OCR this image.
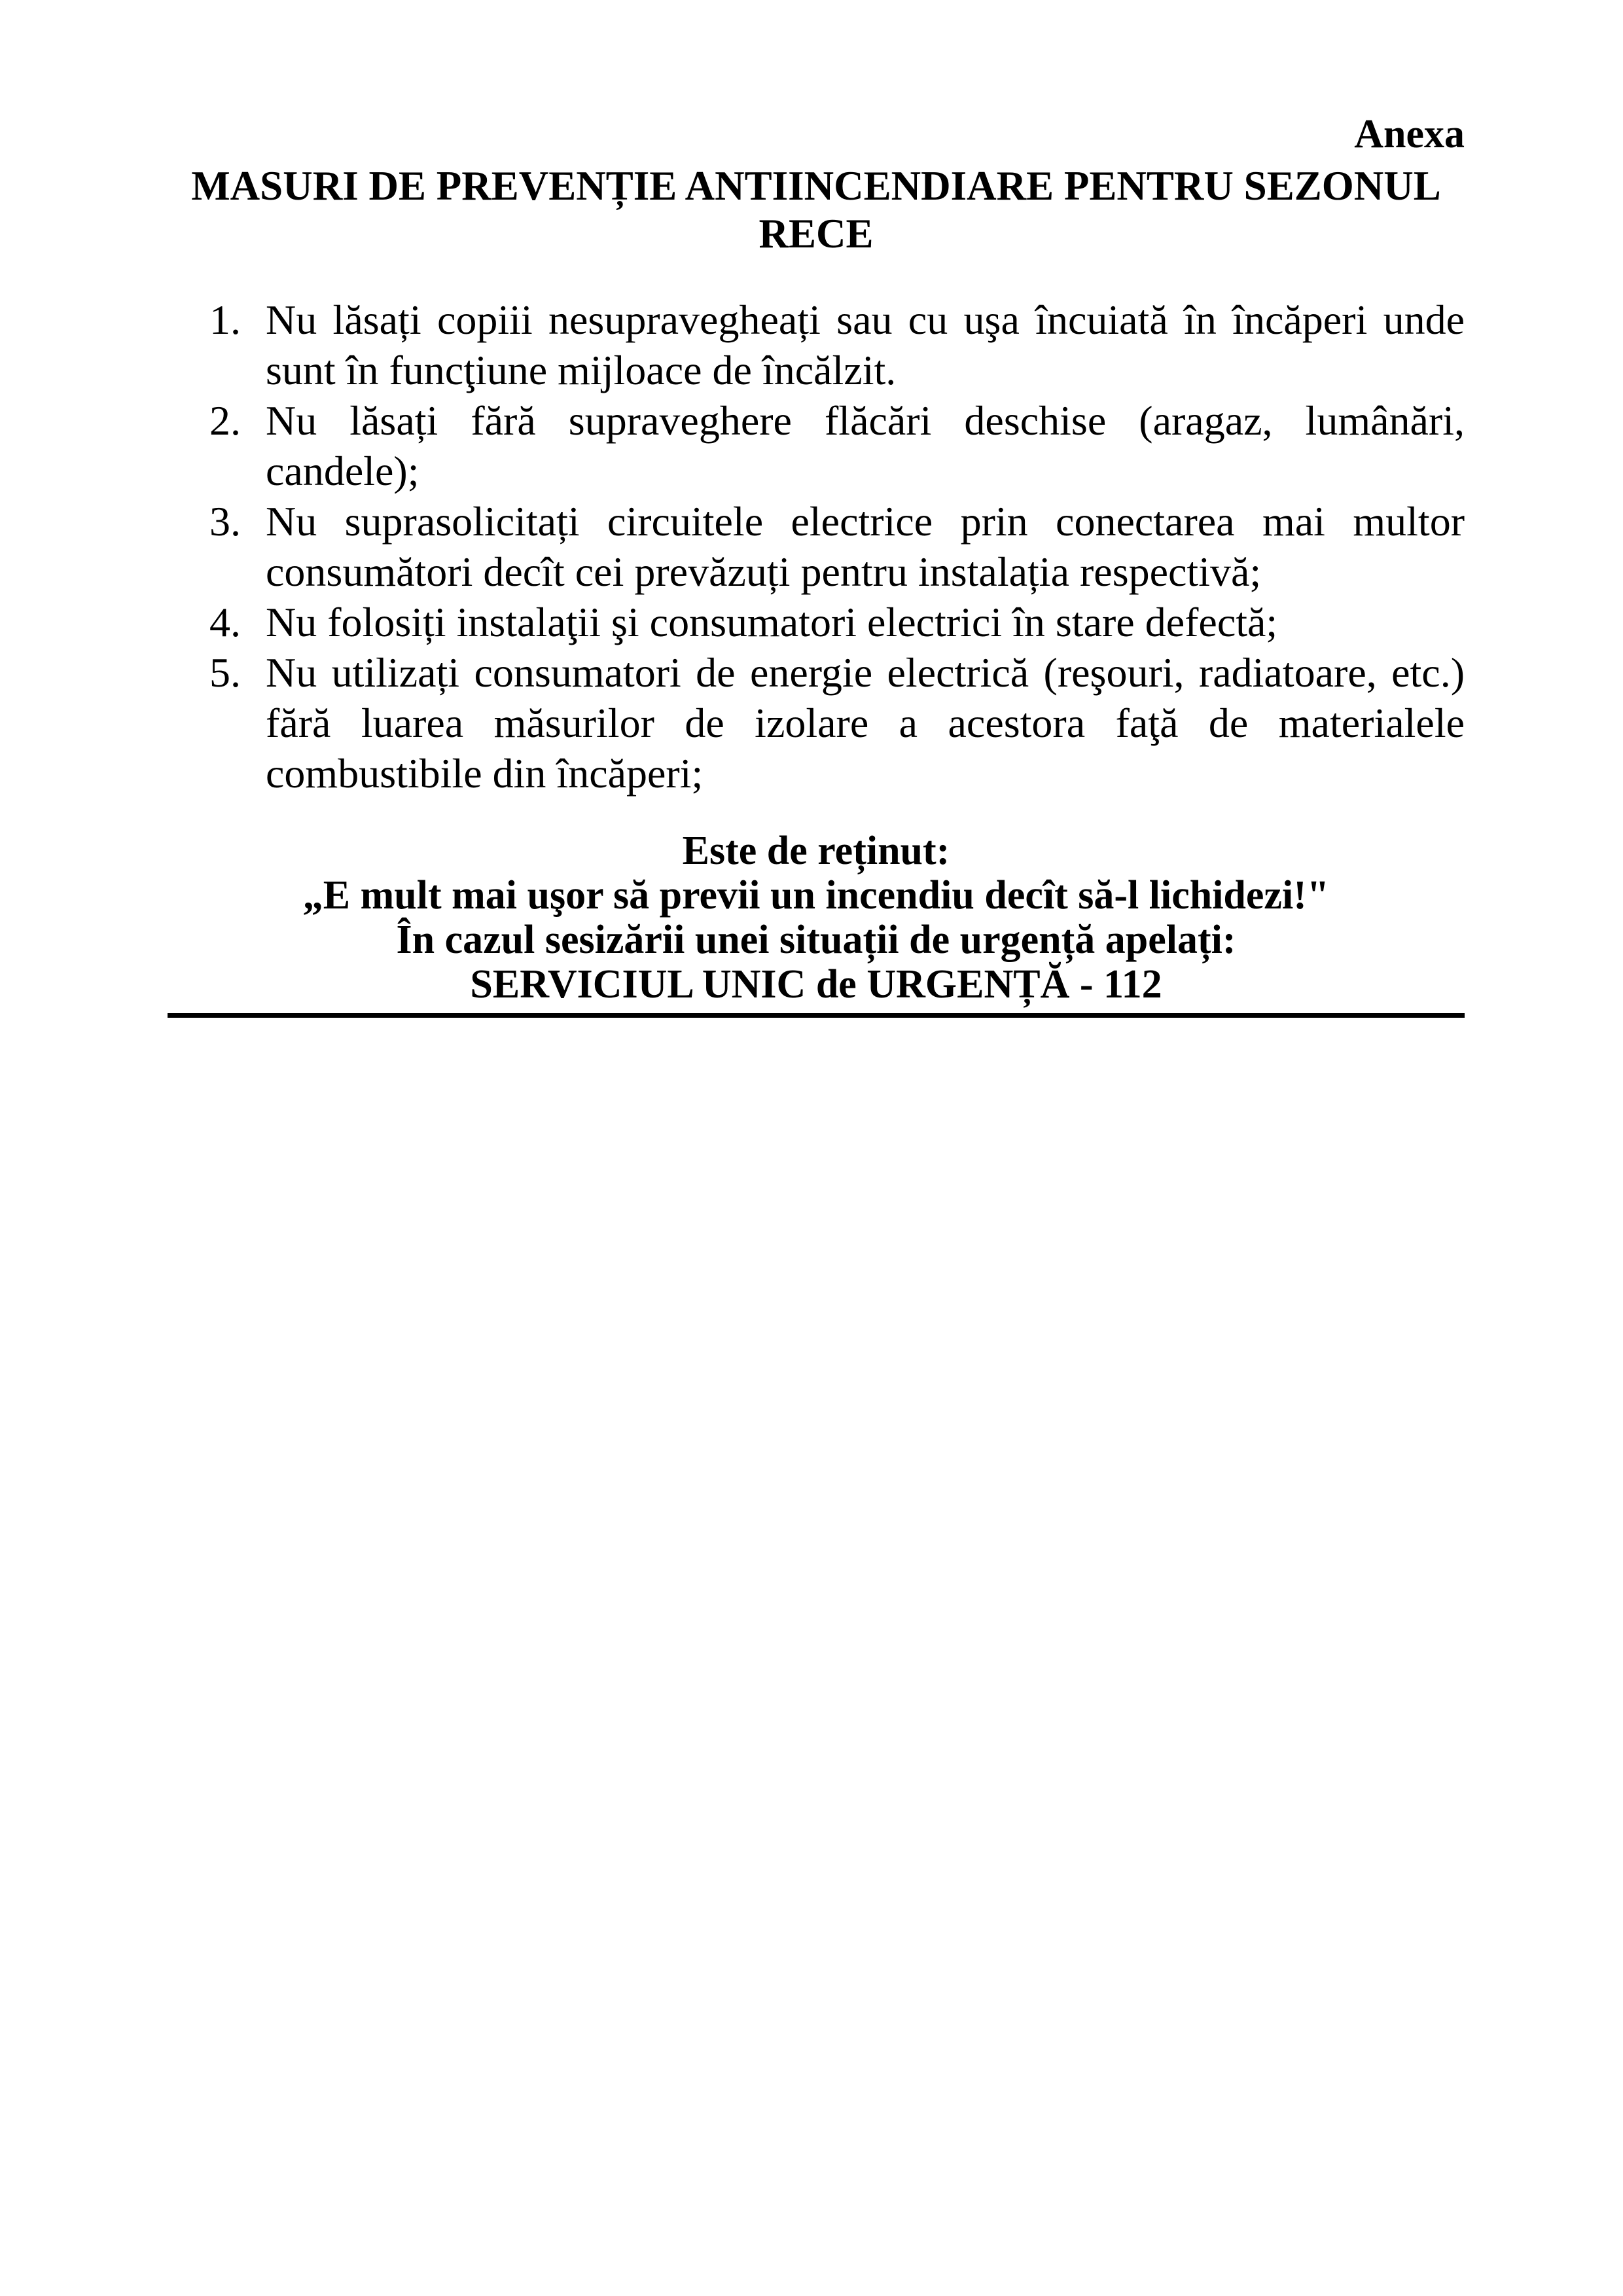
Anexa
MASURI DE PREVENȚIE ANTIINCENDIARE PENTRU SEZONUL RECE
1. Nu lăsați copiii nesupravegheați sau cu uşa încuiată în încăperi unde sunt în funcţiune mijloace de încălzit.
2. Nu lăsați fără supraveghere flăcări deschise (aragaz, lumânări, candele);
3. Nu suprasolicitați circuitele electrice prin conectarea mai multor consumători decît cei prevăzuți pentru instalația respectivă;
4. Nu folosiți instalaţii şi consumatori electrici în stare defectă;
5. Nu utilizați consumatori de energie electrică (reşouri, radiatoare, etc.) fără luarea măsurilor de izolare a acestora faţă de materialele combustibile din încăperi;
Este de reținut:
„E mult mai uşor să previi un incendiu decît să-l lichidezi!"
În cazul sesizării unei situații de urgență apelați:
SERVICIUL UNIC de URGENȚĂ - 112
